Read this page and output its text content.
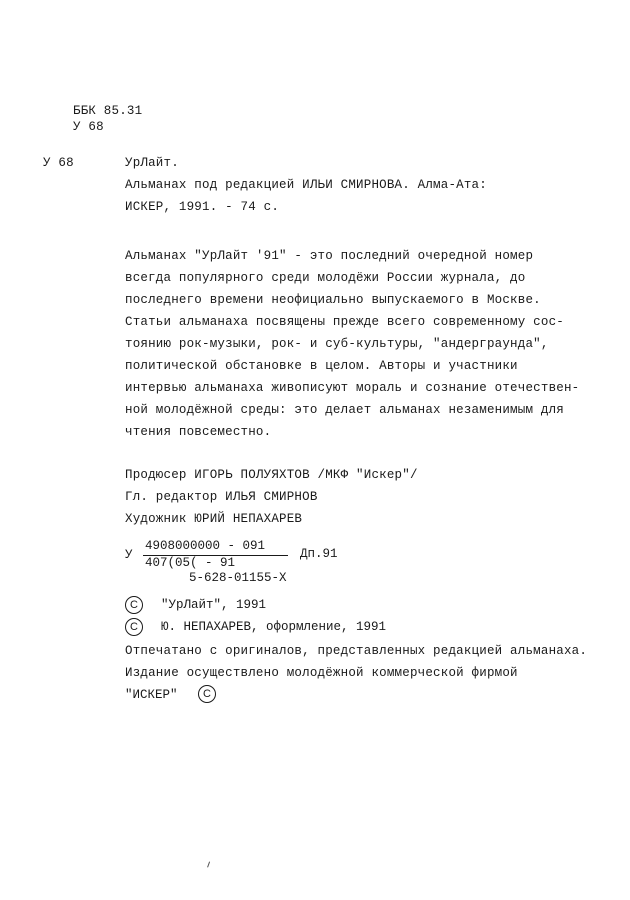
ББК 85.31
У 68
У 68	УрЛайт.
Альманах под редакцией ИЛЬИ СМИРНОВА. Алма-Ата:
ИСКЕР, 1991. - 74 с.
Альманах "УрЛайт '91" - это последний очередной номер
всегда популярного среди молодёжи России журнала, до
последнего времени неофициально выпускаемого в Москве.
Статьи альманаха посвящены прежде всего современному сос-
тоянию рок-музыки, рок- и суб-культуры, "андерграунда",
политической обстановке в целом. Авторы и участники
интервью альманаха живописуют мораль и сознание отечествен-
ной молодёжной среды: это делает альманах незаменимым для
чтения повсеместно.
Продюсер ИГОРЬ ПОЛУЯХТОВ /МКФ "Искер"/
Гл. редактор ИЛЬЯ СМИРНОВ
Художник ЮРИЙ НЕПАХАРЕВ
У
4908000000 - 091
407(05( - 91
5-628-01155-Х
Дп.91
C	"УрЛайт", 1991
C	Ю. НЕПАХАРЕВ, оформление, 1991
Отпечатано с оригиналов, представленных редакцией альманаха.
Издание осуществлено молодёжной коммерческой фирмой
"ИСКЕР"	C
